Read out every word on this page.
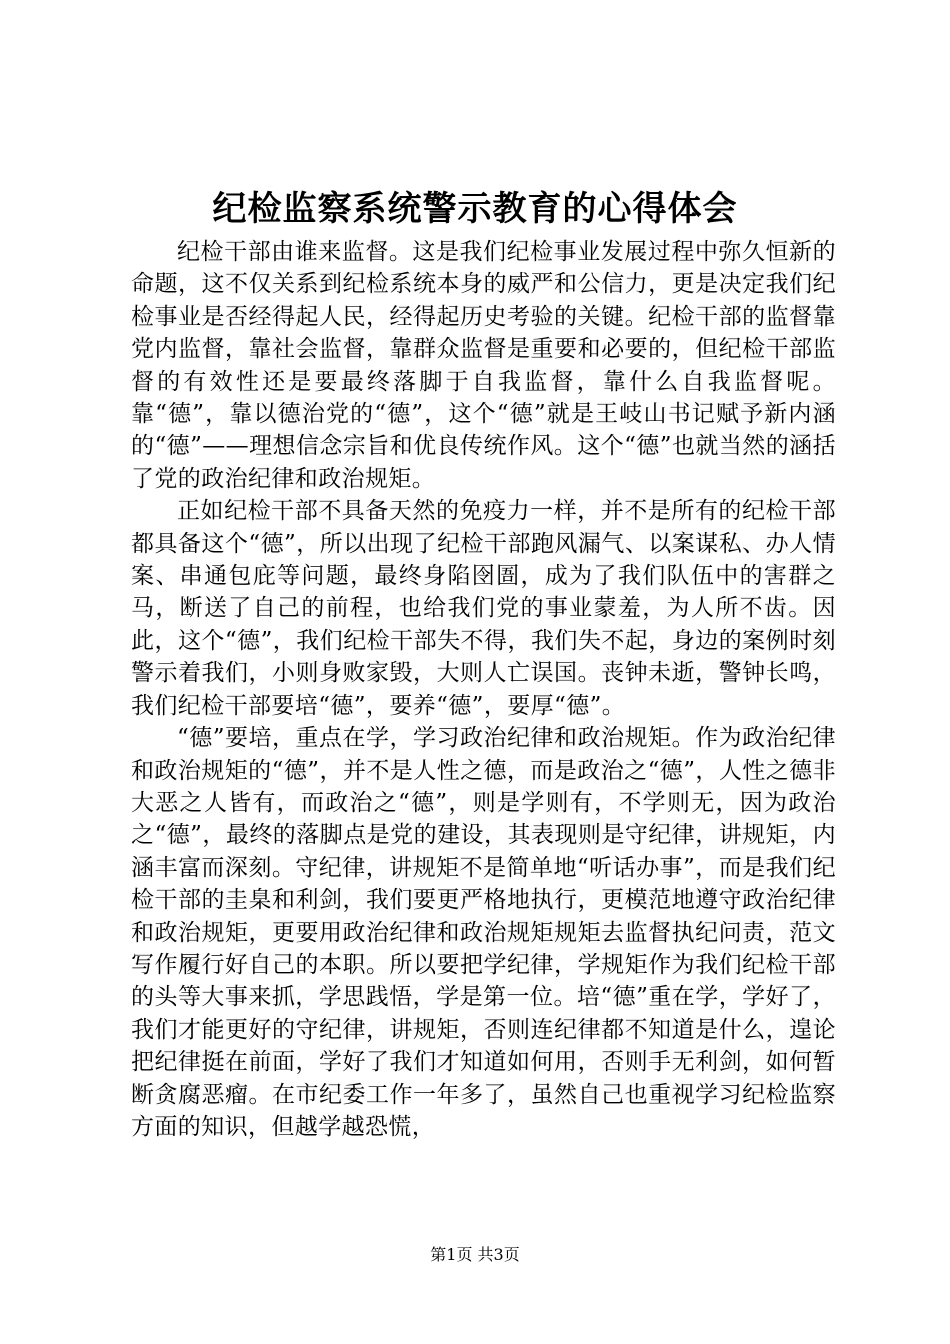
纪检监察系统警示教育的心得体会

纪检干部由谁来监督。这是我们纪检事业发展过程中弥久恒新的命题，这不仅关系到纪检系统本身的威严和公信力，更是决定我们纪检事业是否经得起人民，经得起历史考验的关键。纪检干部的监督靠党内监督，靠社会监督，靠群众监督是重要和必要的，但纪检干部监督的有效性还是要最终落脚于自我监督，靠什么自我监督呢。靠“德”，靠以德治党的“德”，这个“德”就是王岐山书记赋予新内涵的“德”——理想信念宗旨和优良传统作风。这个“德”也就当然的涵括了党的政治纪律和政治规矩。

正如纪检干部不具备天然的免疫力一样，并不是所有的纪检干部都具备这个“德”，所以出现了纪检干部跑风漏气、以案谋私、办人情案、串通包庇等问题，最终身陷囹圄，成为了我们队伍中的害群之马，断送了自己的前程，也给我们党的事业蒙羞，为人所不齿。因此，这个“德”，我们纪检干部失不得，我们失不起，身边的案例时刻警示着我们，小则身败家毁，大则人亡误国。丧钟未逝，警钟长鸣，我们纪检干部要培“德”，要养“德”，要厚“德”。

“德”要培，重点在学，学习政治纪律和政治规矩。作为政治纪律和政治规矩的“德”，并不是人性之德，而是政治之“德”，人性之德非大恶之人皆有，而政治之“德”，则是学则有，不学则无，因为政治之“德”，最终的落脚点是党的建设，其表现则是守纪律，讲规矩，内涵丰富而深刻。守纪律，讲规矩不是简单地“听话办事”，而是我们纪检干部的圭臬和利剑，我们要更严格地执行，更模范地遵守政治纪律和政治规矩，更要用政治纪律和政治规矩规矩去监督执纪问责，范文写作履行好自己的本职。所以要把学纪律，学规矩作为我们纪检干部的头等大事来抓，学思践悟，学是第一位。培“德”重在学，学好了，我们才能更好的守纪律，讲规矩，否则连纪律都不知道是什么，遑论把纪律挺在前面，学好了我们才知道如何用，否则手无利剑，如何暂断贪腐恶瘤。在市纪委工作一年多了，虽然自己也重视学习纪检监察方面的知识，但越学越恐慌，

第1页 共3页
